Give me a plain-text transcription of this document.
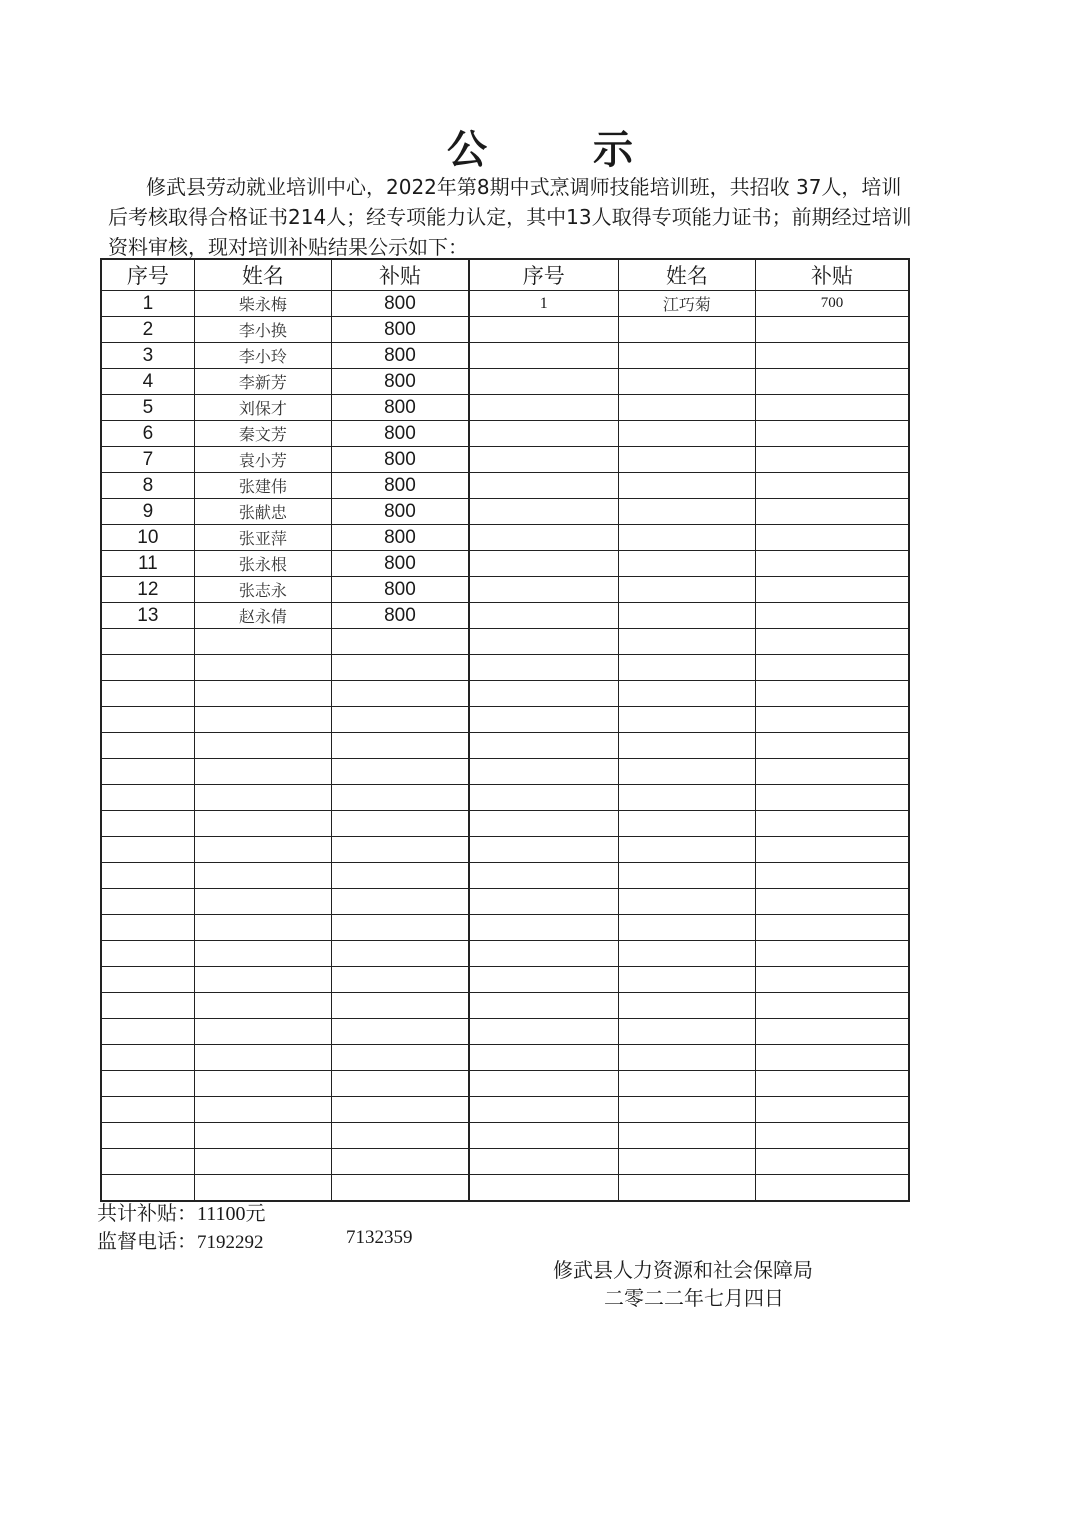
公 示
修武县劳动就业培训中心，2022年第8期中式烹调师技能培训班，共招收 37人，培训后考核取得合格证书214人；经专项能力认定，其中13人取得专项能力证书；前期经过培训资料审核，现对培训补贴结果公示如下：
序号	姓名	补贴	序号	姓名	补贴
1	柴永梅	800	1	江巧菊	700
2	李小换	800			
3	李小玲	800			
4	李新芳	800			
5	刘保才	800			
6	秦文芳	800			
7	袁小芳	800			
8	张建伟	800			
9	张献忠	800			
10	张亚萍	800			
11	张永根	800			
12	张志永	800			
13	赵永倩	800			

共计补贴：11100元
监督电话：7192292	7132359
修武县人力资源和社会保障局
二零二二年七月四日
